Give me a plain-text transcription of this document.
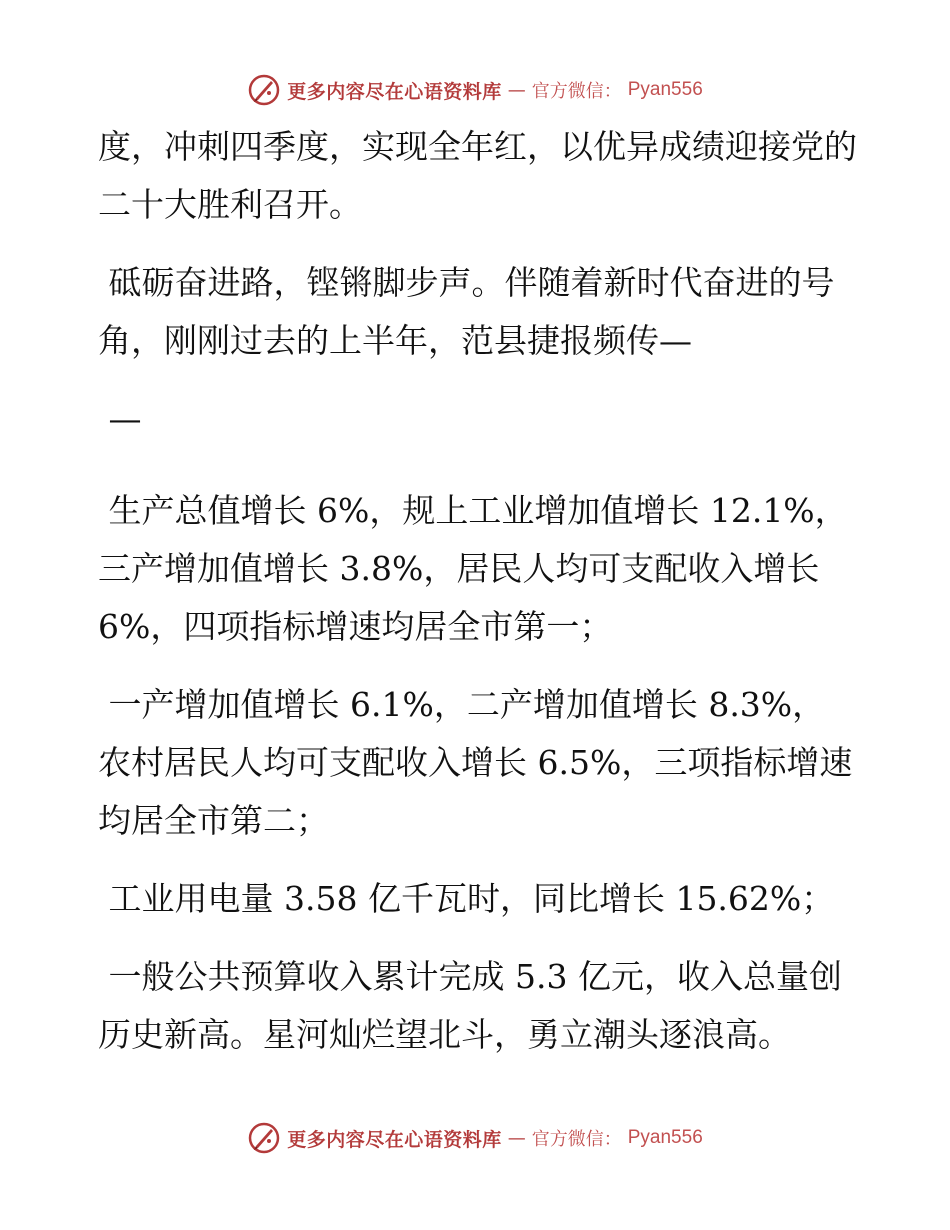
更多内容尽在心语资料库 — 官方微信： Pyan556

度，冲刺四季度，实现全年红，以优异成绩迎接党的二十大胜利召开。

砥砺奋进路，铿锵脚步声。伴随着新时代奋进的号角，刚刚过去的上半年，范县捷报频传—

—

生产总值增长 6%，规上工业增加值增长 12.1%，三产增加值增长 3.8%，居民人均可支配收入增长 6%，四项指标增速均居全市第一；

一产增加值增长 6.1%，二产增加值增长 8.3%，农村居民人均可支配收入增长 6.5%，三项指标增速均居全市第二；

工业用电量 3.58 亿千瓦时，同比增长 15.62%；

一般公共预算收入累计完成 5.3 亿元，收入总量创历史新高。星河灿烂望北斗，勇立潮头逐浪高。

更多内容尽在心语资料库 — 官方微信： Pyan556
